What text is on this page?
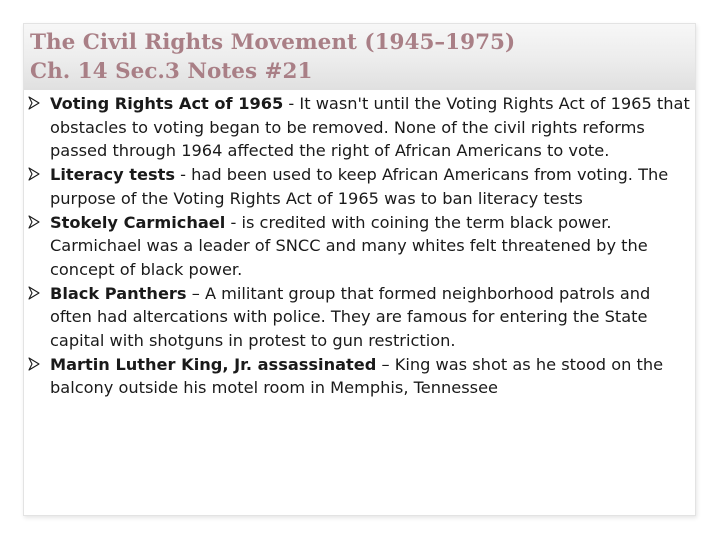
The Civil Rights Movement (1945–1975)
Ch. 14 Sec.3 Notes #21
Voting Rights Act of 1965 - It wasn't until the Voting Rights Act of 1965 that obstacles to voting began to be removed. None of the civil rights reforms passed through 1964 affected the right of African Americans to vote.
Literacy tests - had been used to keep African Americans from voting. The purpose of the Voting Rights Act of 1965 was to ban literacy tests
Stokely Carmichael - is credited with coining the term black power. Carmichael was a leader of SNCC and many whites felt threatened by the concept of black power.
Black Panthers – A militant group that formed neighborhood patrols and often had altercations with police. They are famous for entering the State capital with shotguns in protest to gun restriction.
Martin Luther King, Jr. assassinated – King was shot as he stood on the balcony outside his motel room in Memphis, Tennessee
